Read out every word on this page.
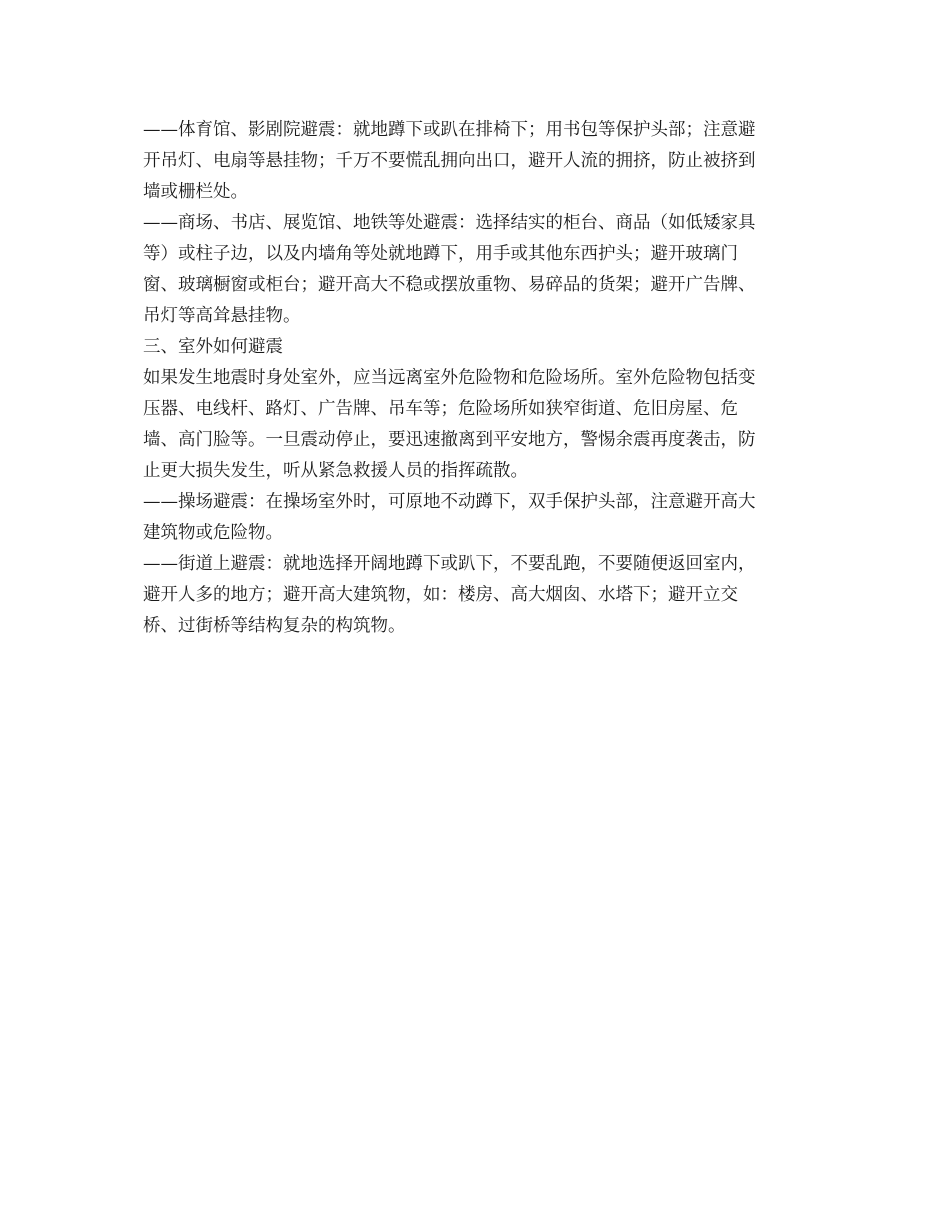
——体育馆、影剧院避震：就地蹲下或趴在排椅下；用书包等保护头部；注意避
开吊灯、电扇等悬挂物；千万不要慌乱拥向出口，避开人流的拥挤，防止被挤到
墙或栅栏处。
——商场、书店、展览馆、地铁等处避震：选择结实的柜台、商品（如低矮家具
等）或柱子边，以及内墙角等处就地蹲下，用手或其他东西护头；避开玻璃门
窗、玻璃橱窗或柜台；避开高大不稳或摆放重物、易碎品的货架；避开广告牌、
吊灯等高耸悬挂物。
三、室外如何避震
如果发生地震时身处室外，应当远离室外危险物和危险场所。室外危险物包括变
压器、电线杆、路灯、广告牌、吊车等；危险场所如狭窄街道、危旧房屋、危
墙、高门脸等。一旦震动停止，要迅速撤离到平安地方，警惕余震再度袭击，防
止更大损失发生，听从紧急救援人员的指挥疏散。
——操场避震：在操场室外时，可原地不动蹲下，双手保护头部，注意避开高大
建筑物或危险物。
——街道上避震：就地选择开阔地蹲下或趴下，不要乱跑，不要随便返回室内，
避开人多的地方；避开高大建筑物，如：楼房、高大烟囱、水塔下；避开立交
桥、过街桥等结构复杂的构筑物。
